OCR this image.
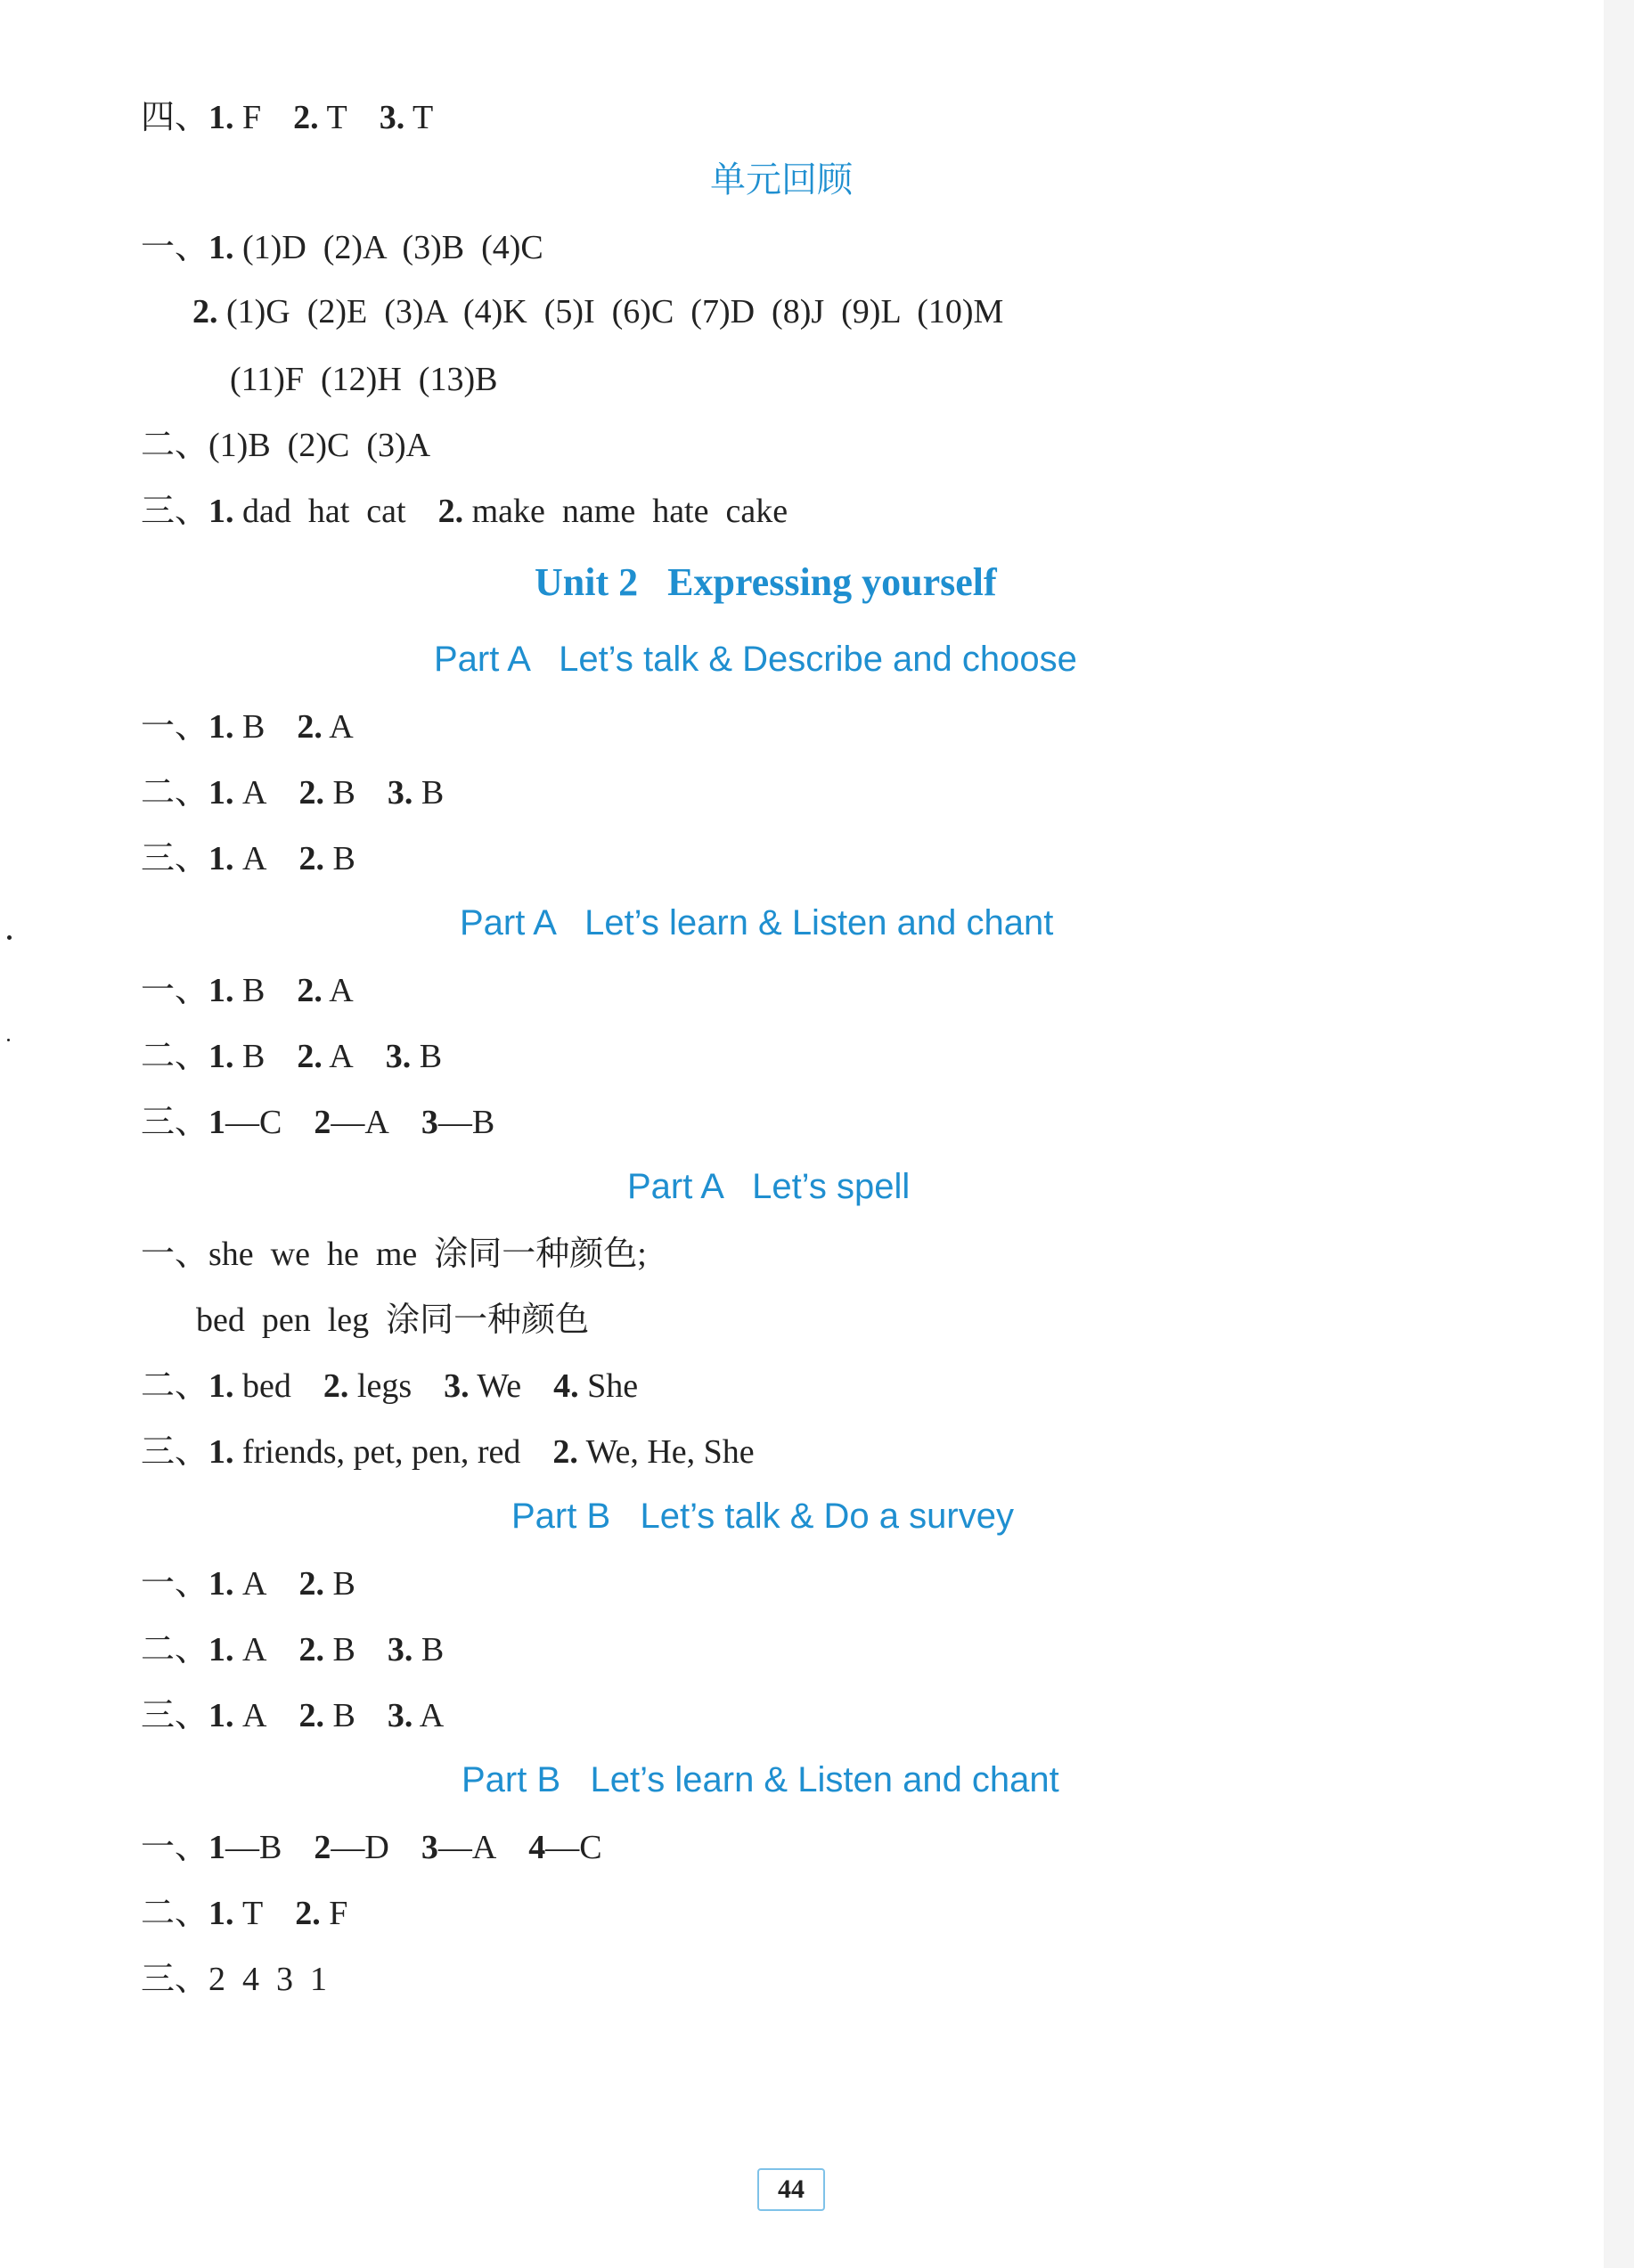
四、1. F 2. T 3. T
单元回顾
一、1. (1)D  (2)A  (3)B  (4)C
2. (1)G  (2)E  (3)A  (4)K  (5)I  (6)C  (7)D  (8)J  (9)L  (10)M
(11)F  (12)H  (13)B
二、(1)B  (2)C  (3)A
三、1. dad  hat  cat 2. make  name  hate  cake
Unit 2   Expressing yourself
Part A   Let’s talk & Describe and choose
一、1. B 2. A
二、1. A 2. B 3. B
三、1. A 2. B
Part A   Let’s learn & Listen and chant
一、1. B 2. A
二、1. B 2. A 3. B
三、1—C 2—A 3—B
Part A   Let’s spell
一、she  we  he  me  涂同一种颜色;
bed  pen  leg  涂同一种颜色
二、1. bed 2. legs 3. We 4. She
三、1. friends, pet, pen, red 2. We, He, She
Part B   Let’s talk & Do a survey
一、1. A 2. B
二、1. A 2. B 3. B
三、1. A 2. B 3. A
Part B   Let’s learn & Listen and chant
一、1—B 2—D 3—A 4—C
二、1. T 2. F
三、2  4  3  1
44
